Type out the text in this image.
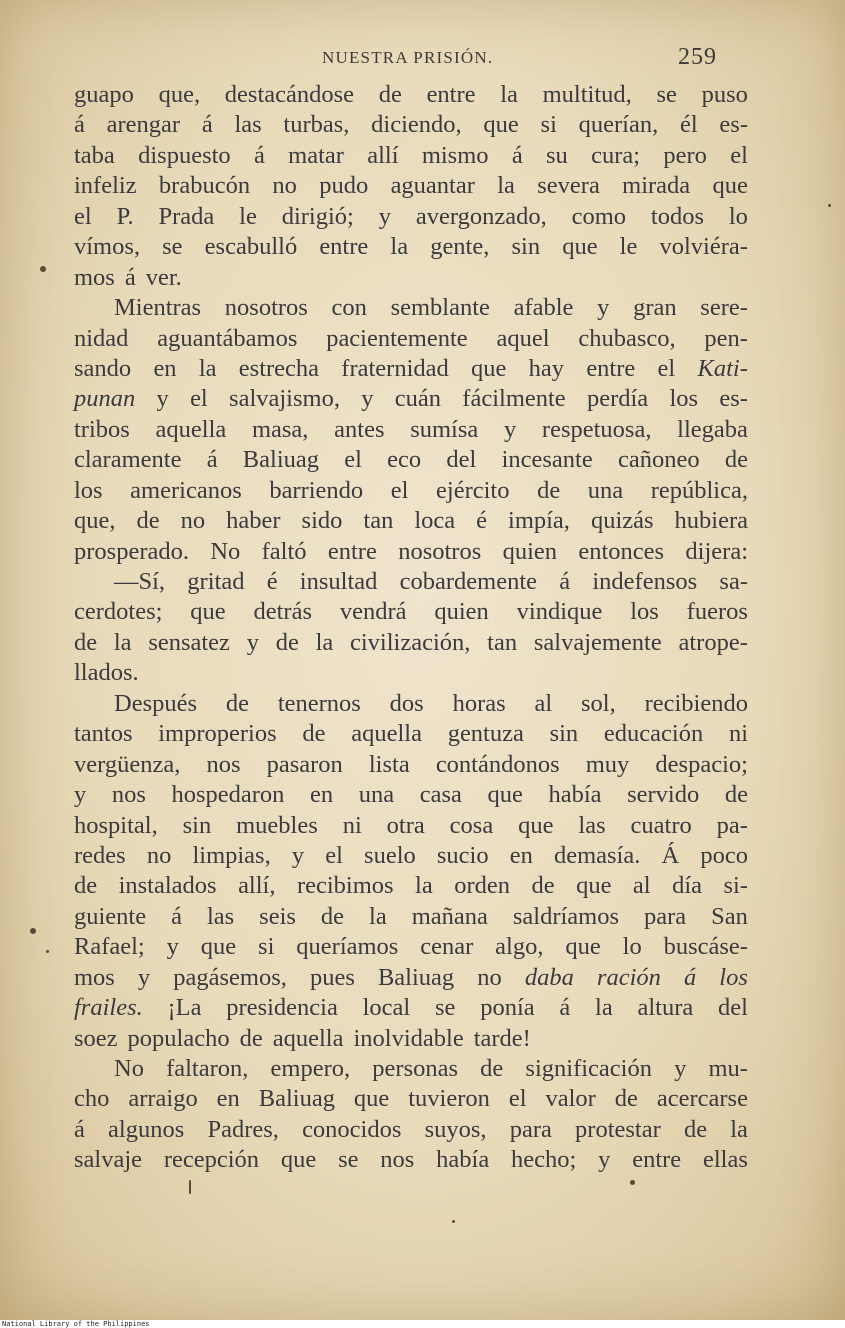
NUESTRA PRISIÓN.	259
guapo que, destacándose de entre la multitud, se puso
á arengar á las turbas, diciendo, que si querían, él es-
taba dispuesto á matar allí mismo á su cura; pero el
infeliz brabucón no pudo aguantar la severa mirada que
el P. Prada le dirigió; y avergonzado, como todos lo
vímos, se escabulló entre la gente, sin que le volviéra-
mos á ver.
Mientras nosotros con semblante afable y gran sere-
nidad aguantábamos pacientemente aquel chubasco, pen-
sando en la estrecha fraternidad que hay entre el Kati-
punan y el salvajismo, y cuán fácilmente perdía los es-
tribos aquella masa, antes sumísa y respetuosa, llegaba
claramente á Baliuag el eco del incesante cañoneo de
los americanos barriendo el ejército de una república,
que, de no haber sido tan loca é impía, quizás hubiera
prosperado. No faltó entre nosotros quien entonces dijera:
—Sí, gritad é insultad cobardemente á indefensos sa-
cerdotes; que detrás vendrá quien vindique los fueros
de la sensatez y de la civilización, tan salvajemente atrope-
llados.
Después de tenernos dos horas al sol, recibiendo
tantos improperios de aquella gentuza sin educación ni
vergüenza, nos pasaron lista contándonos muy despacio;
y nos hospedaron en una casa que había servido de
hospital, sin muebles ni otra cosa que las cuatro pa-
redes no limpias, y el suelo sucio en demasía. Á poco
de instalados allí, recibimos la orden de que al día si-
guiente á las seis de la mañana saldríamos para San
Rafael; y que si queríamos cenar algo, que lo buscáse-
mos y pagásemos, pues Baliuag no daba ración á los
frailes. ¡La presidencia local se ponía á la altura del
soez populacho de aquella inolvidable tarde!
No faltaron, empero, personas de significación y mu-
cho arraigo en Baliuag que tuvieron el valor de acercarse
á algunos Padres, conocidos suyos, para protestar de la
salvaje recepción que se nos había hecho; y entre ellas
National Library of the Philippines
